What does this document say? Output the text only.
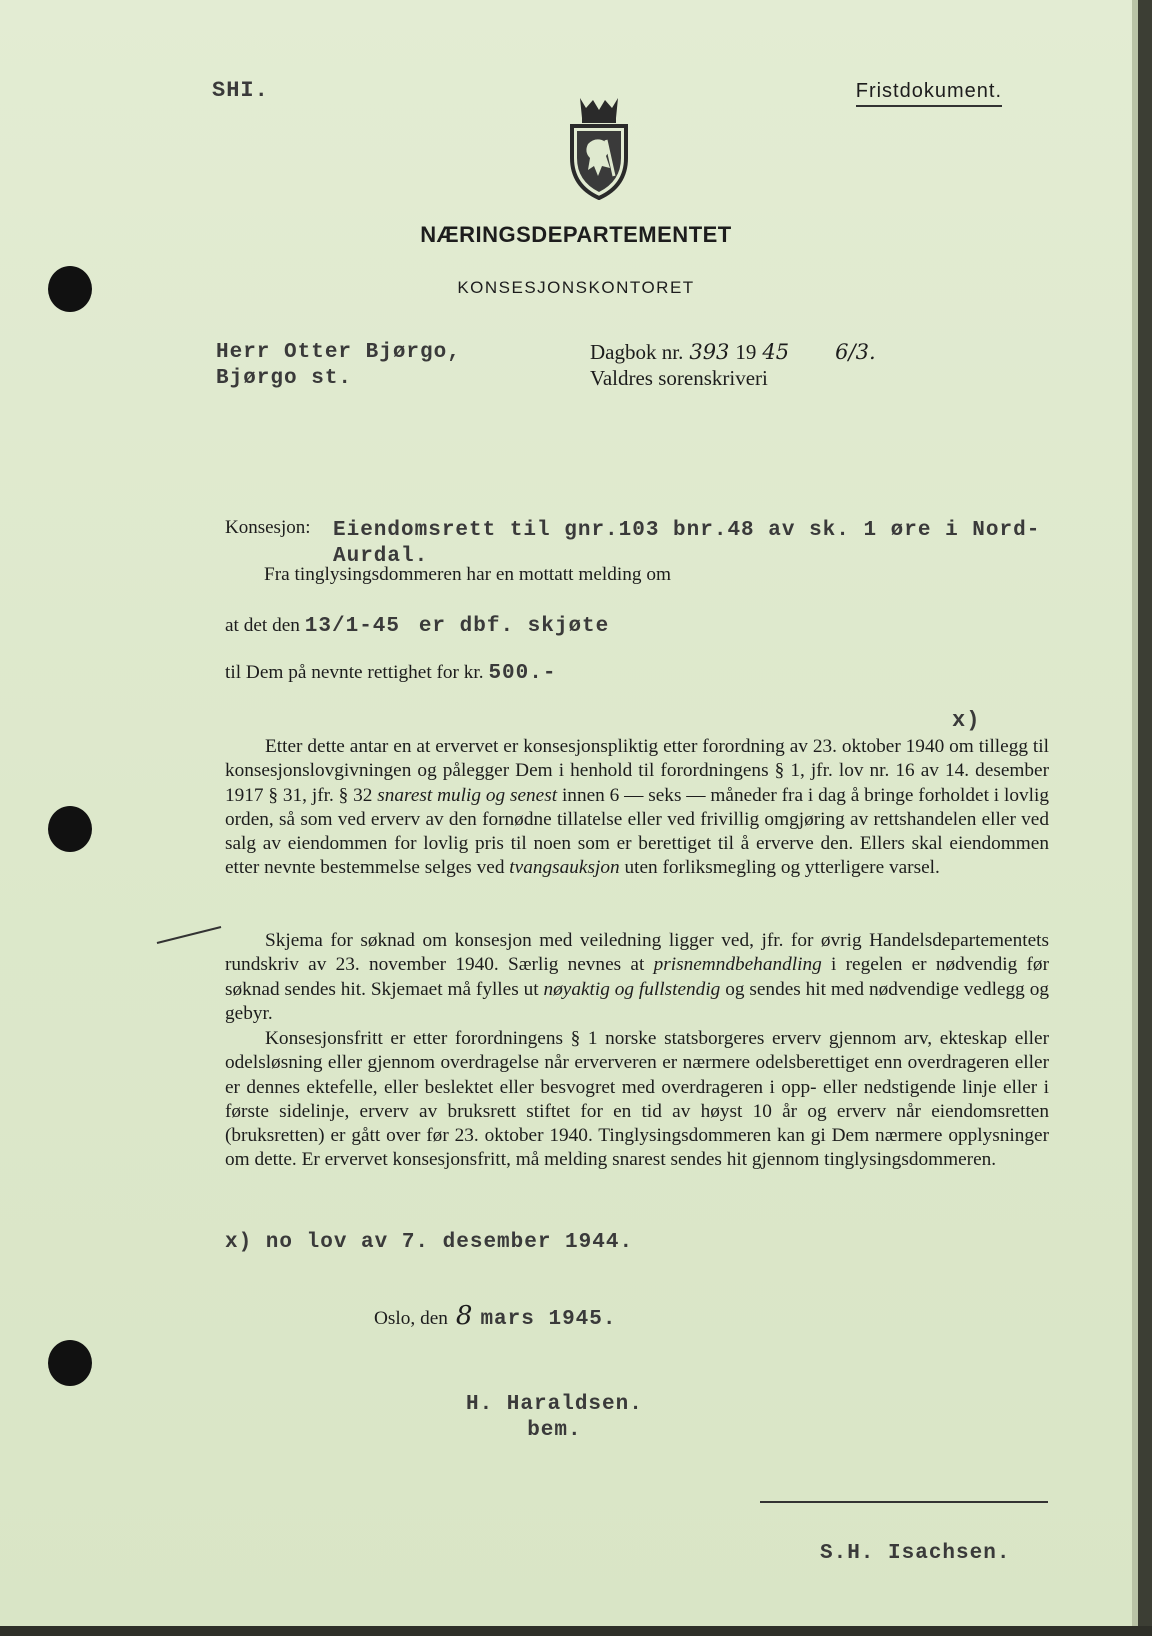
SHI.	Fristdokument.
NÆRINGSDEPARTEMENTET
KONSESJONSKONTORET
Herr Otter Bjørgo,
Bjørgo st.
Dagbok nr. 393 19 45 6/3.
Valdres sorenskriveri
Konsesjon: Eiendomsrett til gnr.103 bnr.48 av sk. 1 øre i Nord-Aurdal.
Fra tinglysingsdommeren har en mottatt melding om
at det den 13/1-45 er dbf. skjøte
til Dem på nevnte rettighet for kr. 500.-
x)
Etter dette antar en at ervervet er konsesjonspliktig etter forordning av 23. oktober 1940 om tillegg til konsesjonslovgivningen og pålegger Dem i henhold til forordningens § 1, jfr. lov nr. 16 av 14. desember 1917 § 31, jfr. § 32 snarest mulig og senest innen 6 — seks — måneder fra i dag å bringe forholdet i lovlig orden, så som ved erverv av den fornødne tillatelse eller ved frivillig omgjøring av rettshandelen eller ved salg av eiendommen for lovlig pris til noen som er berettiget til å erverve den. Ellers skal eiendommen etter nevnte bestemmelse selges ved tvangsauksjon uten forliksmegling og ytterligere varsel.
Skjema for søknad om konsesjon med veiledning ligger ved, jfr. for øvrig Handelsdepartementets rundskriv av 23. november 1940. Særlig nevnes at prisnemndbehandling i regelen er nødvendig før søknad sendes hit. Skjemaet må fylles ut nøyaktig og fullstendig og sendes hit med nødvendige vedlegg og gebyr.
Konsesjonsfritt er etter forordningens § 1 norske statsborgeres erverv gjennom arv, ekteskap eller odelsløsning eller gjennom overdragelse når erververen er nærmere odelsberettiget enn overdrageren eller er dennes ektefelle, eller beslektet eller besvogret med overdrageren i opp- eller nedstigende linje eller i første sidelinje, erverv av bruksrett stiftet for en tid av høyst 10 år og erverv når eiendomsretten (bruksretten) er gått over før 23. oktober 1940. Tinglysingsdommeren kan gi Dem nærmere opplysninger om dette. Er ervervet konsesjonsfritt, må melding snarest sendes hit gjennom tinglysingsdommeren.
x) no lov av 7. desember 1944.
Oslo, den 8 mars 1945.
H. Haraldsen.
bem.
S.H. Isachsen.
